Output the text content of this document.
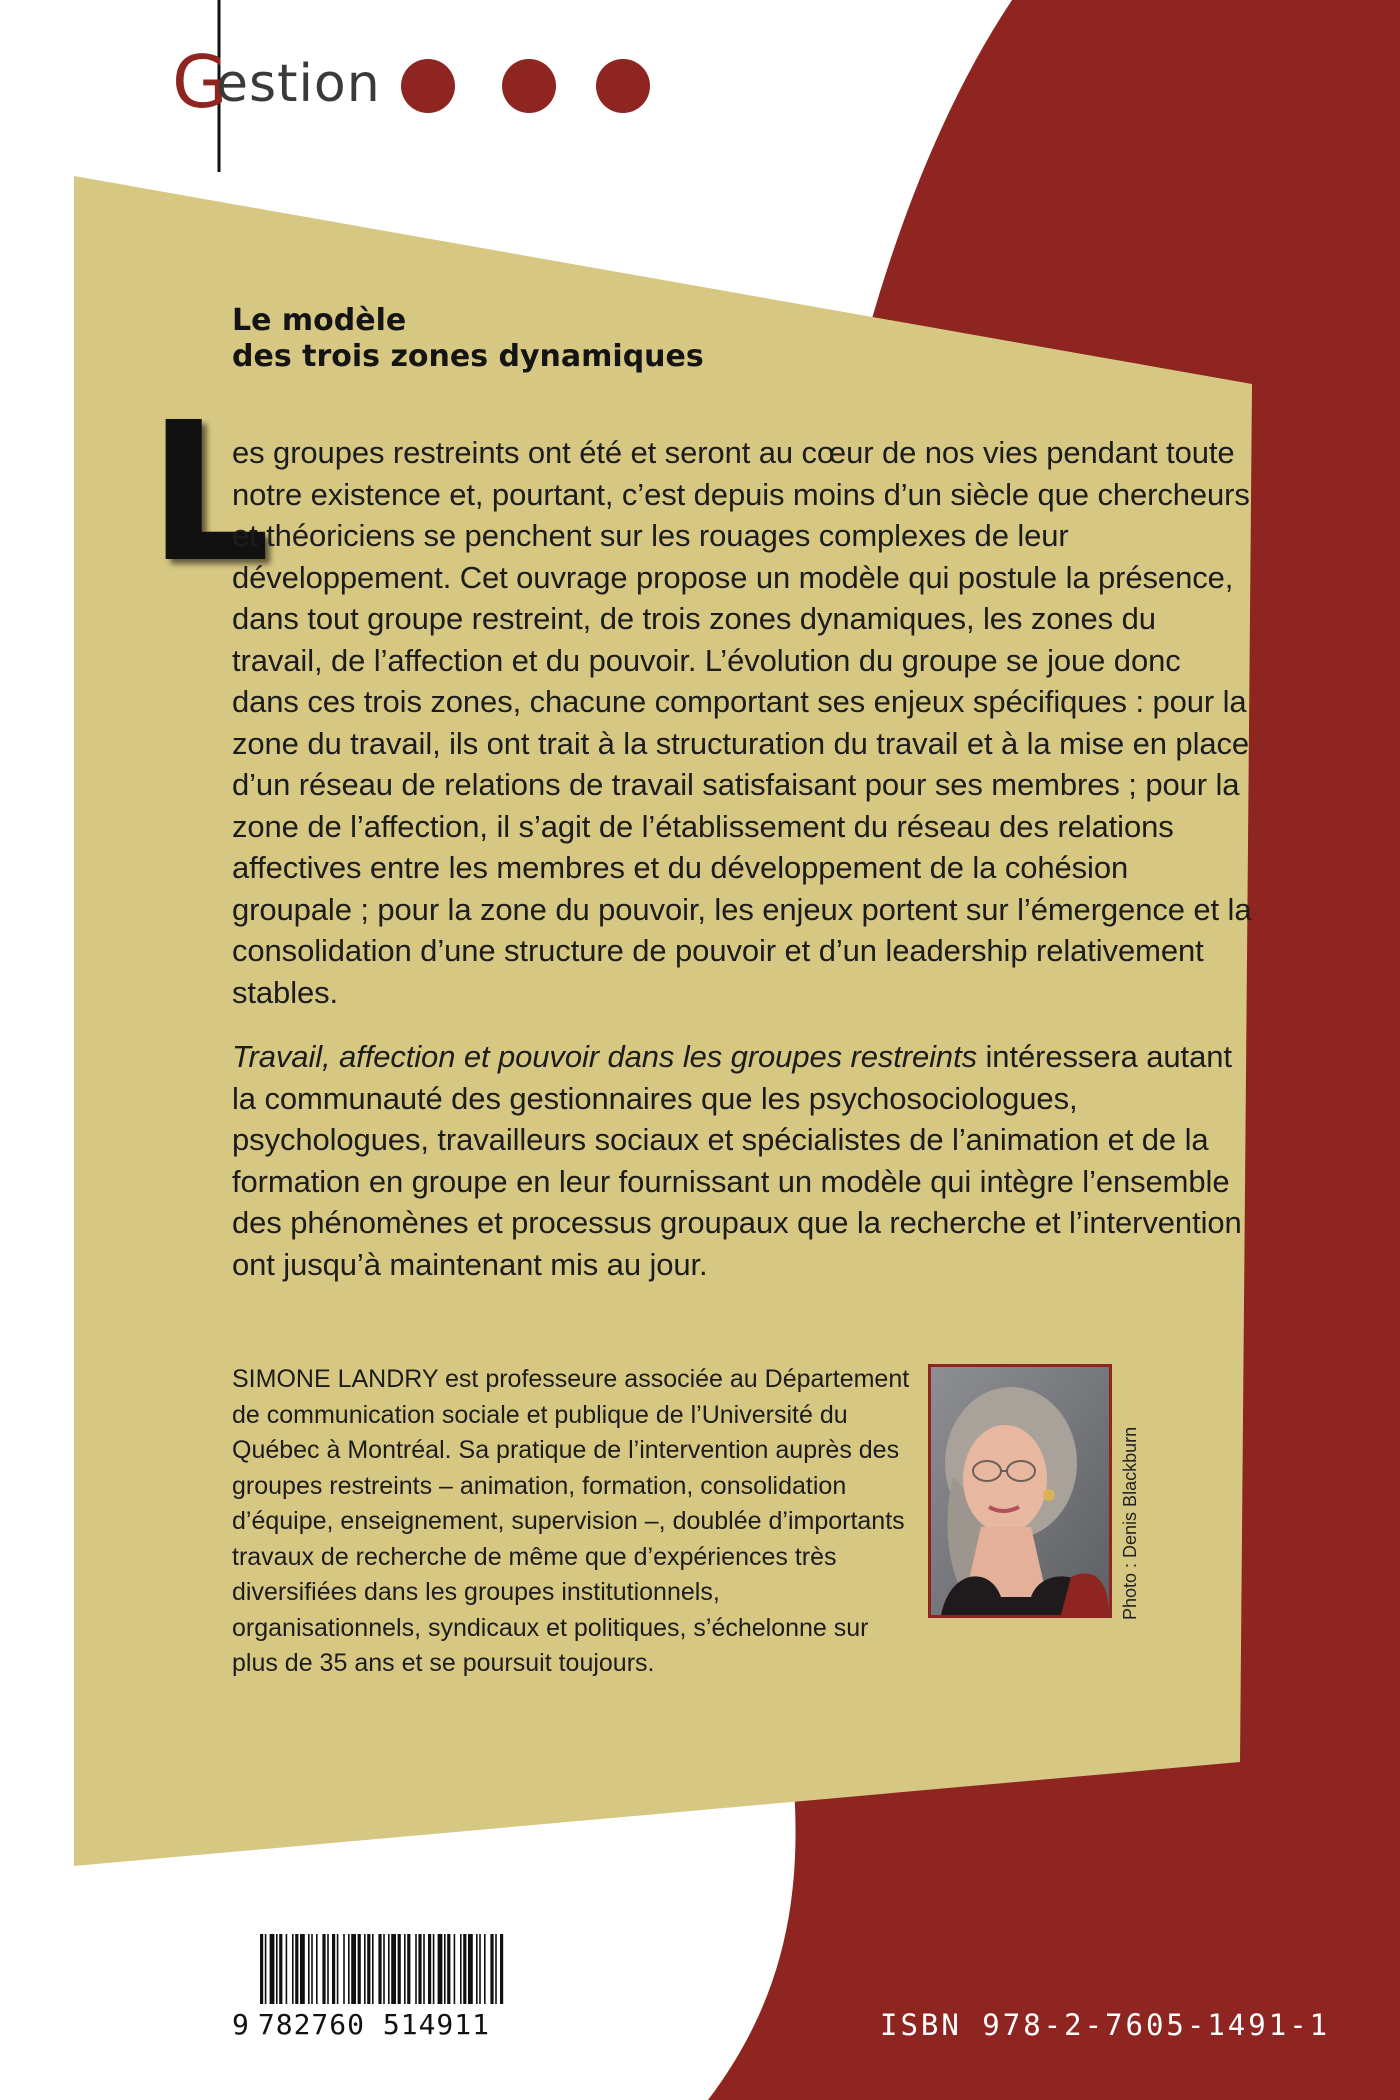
G
estion
Le modèle
des trois zones dynamiques
L

es groupes restreints ont été et seront au cœur de nos vies pendant toute notre existence et, pourtant, c’est depuis moins d’un siècle que chercheurs et théoriciens se penchent sur les rouages complexes de leur développement. Cet ouvrage propose un modèle qui postule la présence, dans tout groupe restreint, de trois zones dynamiques, les zones du travail, de l’affection et du pouvoir. L’évolution du groupe se joue donc dans ces trois zones, chacune comportant ses enjeux spécifiques : pour la zone du travail, ils ont trait à la structuration du travail et à la mise en place d’un réseau de relations de travail satisfaisant pour ses membres ; pour la zone de l’affection, il s’agit de l’établissement du réseau des relations affectives entre les membres et du développement de la cohésion groupale ; pour la zone du pouvoir, les enjeux portent sur l’émergence et la consolidation d’une structure de pouvoir et d’un leadership relativement stables.

Travail, affection et pouvoir dans les groupes restreints intéressera autant la communauté des gestionnaires que les psychosociologues, psychologues, travailleurs sociaux et spécialistes de l’animation et de la formation en groupe en leur fournissant un modèle qui intègre l’ensemble des phénomènes et processus groupaux que la recherche et l’intervention ont jusqu’à maintenant mis au jour.

SIMONE LANDRY est professeure associée au Département de communication sociale et publique de l’Université du Québec à Montréal. Sa pratique de l’intervention auprès des groupes restreints – animation, formation, consolidation d’équipe, enseignement, supervision –, doublée d’importants travaux de recherche de même que d’expériences très diversifiées dans les groupes institutionnels, organisationnels, syndicaux et politiques, s’échelonne sur plus de 35 ans et se poursuit toujours.

Photo : Denis Blackburn
9 782760 514911	ISBN 978-2-7605-1491-1
